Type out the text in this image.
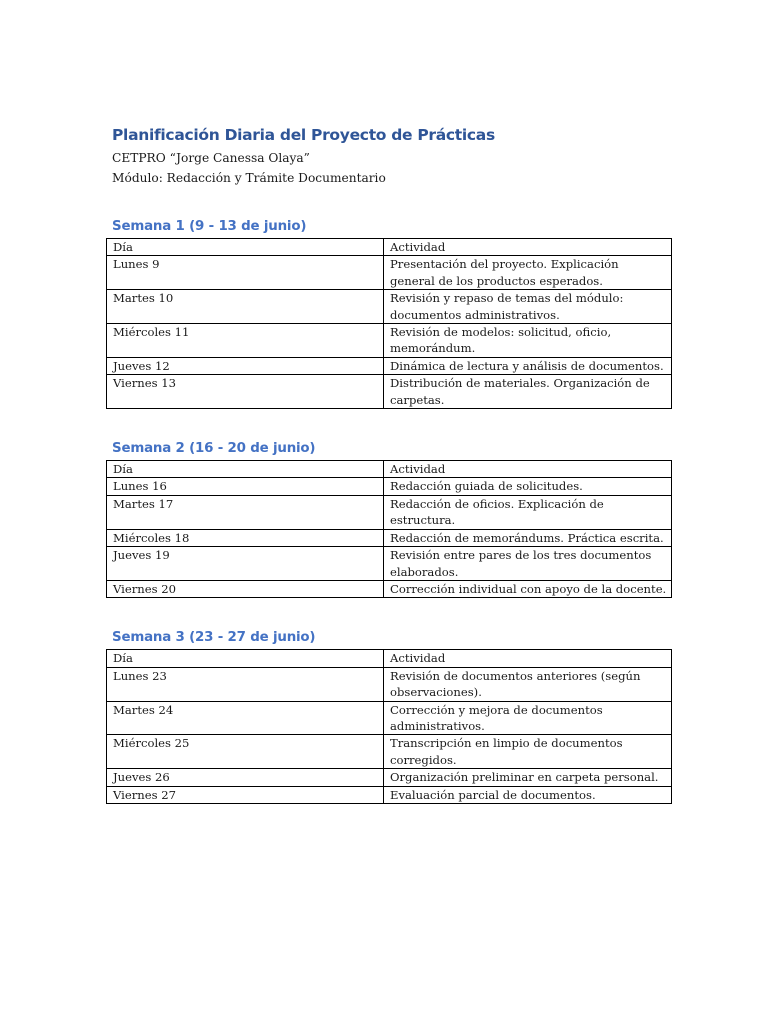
Planificación Diaria del Proyecto de Prácticas

CETPRO “Jorge Canessa Olaya”

Módulo: Redacción y Trámite Documentario

Semana 1 (9 - 13 de junio)
Día	Actividad
Lunes 9	Presentación del proyecto. Explicación general de los productos esperados.
Martes 10	Revisión y repaso de temas del módulo: documentos administrativos.
Miércoles 11	Revisión de modelos: solicitud, oficio, memorándum.
Jueves 12	Dinámica de lectura y análisis de documentos.
Viernes 13	Distribución de materiales. Organización de carpetas.
Semana 2 (16 - 20 de junio)
Día	Actividad
Lunes 16	Redacción guiada de solicitudes.
Martes 17	Redacción de oficios. Explicación de estructura.
Miércoles 18	Redacción de memorándums. Práctica escrita.
Jueves 19	Revisión entre pares de los tres documentos elaborados.
Viernes 20	Corrección individual con apoyo de la docente.
Semana 3 (23 - 27 de junio)
Día	Actividad
Lunes 23	Revisión de documentos anteriores (según observaciones).
Martes 24	Corrección y mejora de documentos administrativos.
Miércoles 25	Transcripción en limpio de documentos corregidos.
Jueves 26	Organización preliminar en carpeta personal.
Viernes 27	Evaluación parcial de documentos.
